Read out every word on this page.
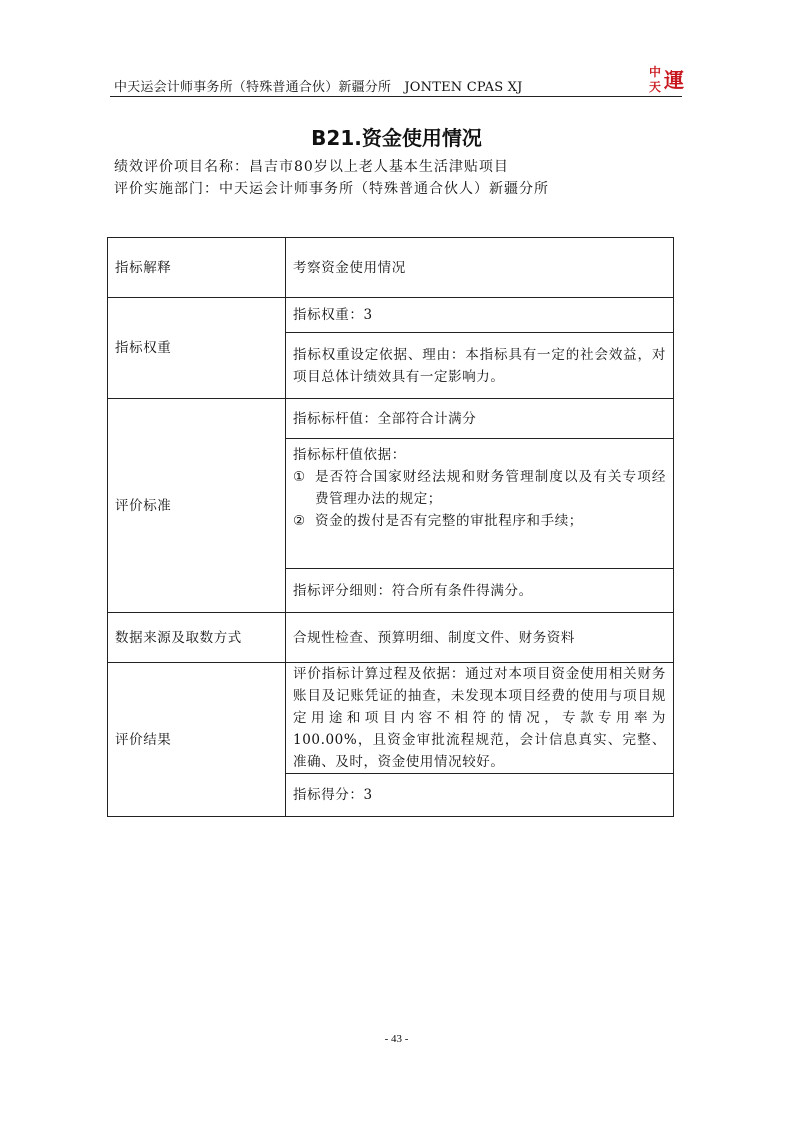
中天运会计师事务所（特殊普通合伙）新疆分所　JONTEN CPAS XJ
中
天 運
B21.资金使用情况
绩效评价项目名称：昌吉市80岁以上老人基本生活津贴项目
评价实施部门：中天运会计师事务所（特殊普通合伙人）新疆分所
指标解释	考察资金使用情况
指标权重	指标权重：3
	指标权重设定依据、理由：本指标具有一定的社会效益，对项目总体计绩效具有一定影响力。
评价标准	指标标杆值：全部符合计满分

	指标标杆值依据：
① 是否符合国家财经法规和财务管理制度以及有关专项经费管理办法的规定；
② 资金的拨付是否有完整的审批程序和手续；

	指标评分细则：符合所有条件得满分。
数据来源及取数方式	合规性检查、预算明细、制度文件、财务资料
评价结果	评价指标计算过程及依据：通过对本项目资金使用相关财务账目及记账凭证的抽查，未发现本项目经费的使用与项目规定用途和项目内容不相符的情况，专款专用率为100.00%，且资金审批流程规范，会计信息真实、完整、准确、及时，资金使用情况较好。
	指标得分：3
- 43 -
